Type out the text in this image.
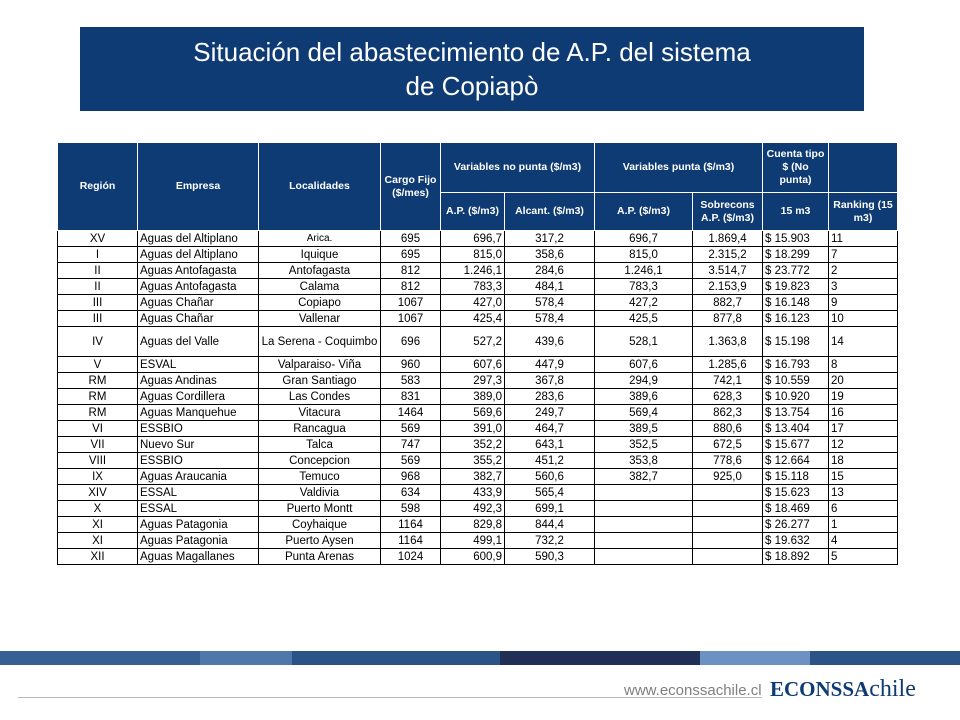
Situación del abastecimiento de A.P. del sistema
de Copiapò
Región	Empresa	Localidades	Cargo Fijo ($/mes)	Variables no punta ($/m3)		Variables punta ($/m3)		Cuenta tipo $ (No punta)	
				A.P. ($/m3)	Alcant. ($/m3)	A.P. ($/m3)	Sobrecons A.P. ($/m3)	15 m3	Ranking (15 m3)
XV	Aguas del Altiplano	Arica.	695	696,7	317,2	696,7	1.869,4	$ 15.903	11
I	Aguas del Altiplano	Iquique	695	815,0	358,6	815,0	2.315,2	$ 18.299	7
II	Aguas Antofagasta	Antofagasta	812	1.246,1	284,6	1.246,1	3.514,7	$ 23.772	2
II	Aguas Antofagasta	Calama	812	783,3	484,1	783,3	2.153,9	$ 19.823	3
III	Aguas Chañar	Copiapo	1067	427,0	578,4	427,2	882,7	$ 16.148	9
III	Aguas Chañar	Vallenar	1067	425,4	578,4	425,5	877,8	$ 16.123	10
IV	Aguas del Valle	La Serena - Coquimbo	696	527,2	439,6	528,1	1.363,8	$ 15.198	14
V	ESVAL	Valparaiso- Viña	960	607,6	447,9	607,6	1.285,6	$ 16.793	8
RM	Aguas Andinas	Gran Santiago	583	297,3	367,8	294,9	742,1	$ 10.559	20
RM	Aguas Cordillera	Las Condes	831	389,0	283,6	389,6	628,3	$ 10.920	19
RM	Aguas Manquehue	Vitacura	1464	569,6	249,7	569,4	862,3	$ 13.754	16
VI	ESSBIO	Rancagua	569	391,0	464,7	389,5	880,6	$ 13.404	17
VII	Nuevo Sur	Talca	747	352,2	643,1	352,5	672,5	$ 15.677	12
VIII	ESSBIO	Concepcion	569	355,2	451,2	353,8	778,6	$ 12.664	18
IX	Aguas Araucania	Temuco	968	382,7	560,6	382,7	925,0	$ 15.118	15
XIV	ESSAL	Valdivia	634	433,9	565,4			$ 15.623	13
X	ESSAL	Puerto Montt	598	492,3	699,1			$ 18.469	6
XI	Aguas Patagonia	Coyhaique	1164	829,8	844,4			$ 26.277	1
XI	Aguas Patagonia	Puerto Aysen	1164	499,1	732,2			$ 19.632	4
XII	Aguas Magallanes	Punta Arenas	1024	600,9	590,3			$ 18.892	5
www.econssachile.cl ECONSSAchile
